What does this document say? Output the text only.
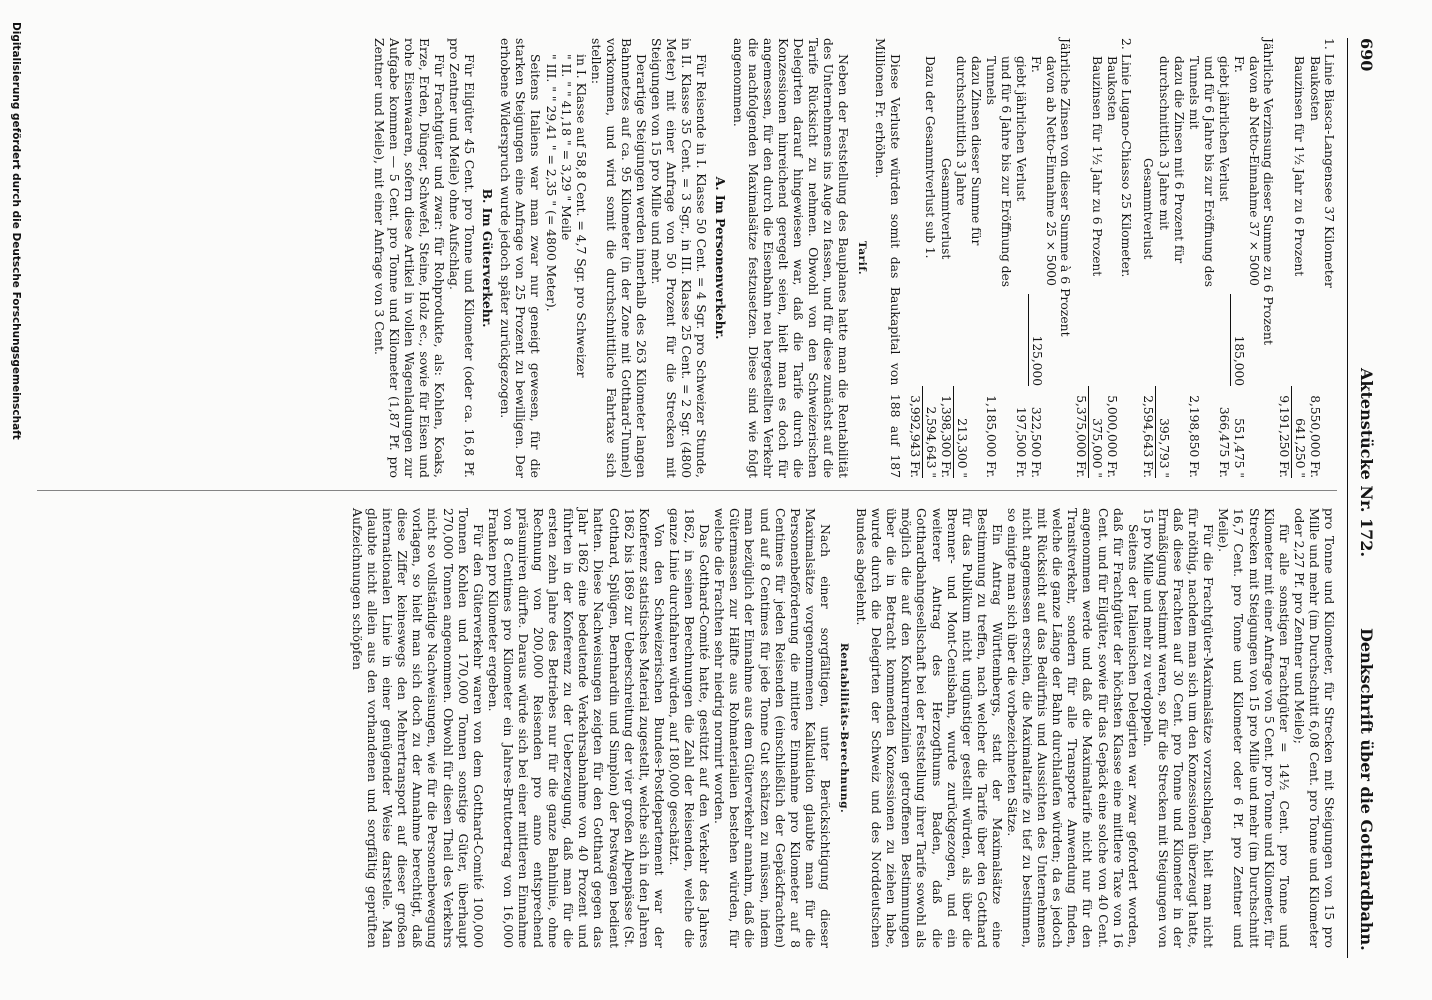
690
Aktenstücke Nr. 172.
Denkschrift über die Gotthardbahn.

1. Linie Biasca-Langensee 37 Kilometer

Baukosten		8,550,000 Fr.
Bauzinsen für 1½ Jahr zu 6 Prozent		641,250 "
		9,191,250 Fr.

Jährliche Verzinsung dieser Summe zu 6 Prozent

davon ab Netto-Einnahme 37 × 5000 Fr.	185,000	551,475 "
giebt jährlichen Verlust		366,475 Fr.
und für 6 Jahre bis zur Eröffnung des Tunnels mit		2,198,850 Fr.
dazu die Zinsen mit 6 Prozent für durchschnittlich 3 Jahre mit		395,793 "
Gesammtverlust		2,594,643 Fr.

2. Linie Lugano-Chiasso 25 Kilometer.

Baukosten		5,000,000 Fr.
Bauzinsen für 1½ Jahr zu 6 Prozent		375,000 "
		5,375,000 Fr.

Jährliche Zinsen von dieser Summe à 6 Prozent

davon ab Netto-Einnahme 25 × 5000 Fr.	125,000	322,500 Fr.
giebt jährlichen Verlust		197,500 Fr.
und für 6 Jahre bis zur Eröffnung des Tunnels		1,185,000 Fr.
dazu Zinsen dieser Summe für durchschnittlich 3 Jahre		213,300 "
Gesammtverlust		1,398,300 Fr.
Dazu der Gesammtverlust sub 1.		2,594,643 "
		3,992,943 Fr.

Diese Verluste würden somit das Baukapital von 188 auf 187 Millionen Fr. erhöhen.

Tarif.

Neben der Feststellung des Bauplanes hatte man die Rentabilität des Unternehmens ins Auge zu fassen, und für diese zunächst auf die Tarife Rücksicht zu nehmen. Obwohl von den Schweizerischen Delegirten darauf hingewiesen war, daß die Tarife durch die Konzessionen hinreichend geregelt seien, hielt man es doch für angemessen, für den durch die Eisenbahn neu hergestellten Verkehr die nachfolgenden Maximalsätze festzusetzen. Diese sind wie folgt angenommen.

A. Im Personenverkehr.

Für Reisende in I. Klasse 50 Cent. = 4 Sgr. pro Schweizer Stunde, in II. Klasse 35 Cent. = 3 Sgr., in III. Klasse 25 Cent. = 2 Sgr. (4800 Meter) mit einer Anfrage von 50 Prozent für die Strecken mit Steigungen von 15 pro Mille und mehr.

Derartige Steigungen werden innerhalb des 263 Kilometer langen Bahnnetzes auf ca. 95 Kilometer (in der Zone mit Gotthard-Tunnel) vorkommen, und wird somit die durchschnittliche Fahrtaxe sich stellen:

in I. Klasse auf 58,8 Cent. = 4,7 Sgr. pro Schweizer

" II. " " 41,18 " = 3,29 " Meile

" III. " " 29,41 " = 2,35 " (= 4800 Meter).

Seitens Italiens war man zwar nur geneigt gewesen, für die starken Steigungen eine Anfrage von 25 Prozent zu bewilligen. Der erhobene Widerspruch wurde jedoch später zurückgezogen.

B. Im Güterverkehr.

Für Eilgüter 45 Cent. pro Tonne und Kilometer (oder ca. 16,8 Pf. pro Zentner und Meile) ohne Aufschlag.

Für Frachtgüter und zwar: für Rohprodukte, als: Kohlen, Koaks, Erze, Erden, Dünger, Schwefel, Steine, Holz ec., sowie für Eisen und rohe Eisenwaaren, sofern diese Artikel in vollen Wagenladungen zur Aufgabe kommen — 5 Cent. pro Tonne und Kilometer (1,87 Pf. pro Zentner und Meile), mit einer Anfrage von 3 Cent.

pro Tonne und Kilometer, für Strecken mit Steigungen von 15 pro Mille und mehr (im Durchschnitt 6,08 Cent. pro Tonne und Kilometer oder 2,27 Pf. pro Zentner und Meile);

für alle sonstigen Frachtgüter = 14½ Cent. pro Tonne und Kilometer mit einer Anfrage von 5 Cent. pro Tonne und Kilometer, für Strecken mit Steigungen von 15 pro Mille und mehr (im Durchschnitt 16,7 Cent. pro Tonne und Kilometer oder 6 Pf. pro Zentner und Meile).

Für die Frachtgüter-Maximalsätze vorzuschlagen, hielt man nicht für nöthig, nachdem man sich um den Konzessionen überzeugt hatte, daß diese Frachten auf 30 Cent. pro Tonne und Kilometer in der Ermäßigung bestimmt waren, so für die Strecken mit Steigungen von 15 pro Mille und mehr zu verdoppeln.

Seitens der Italienischen Delegirten war zwar gefordert worden, daß für Frachtgüter der höchsten Klasse eine mittlere Taxe von 16 Cent. und für Eilgüter, sowie für das Gepäck eine solche von 40 Cent. angenommen werde und daß die Maximaltarife nicht nur für den Transitverkehr, sondern für alle Transporte Anwendung finden, welche die ganze Länge der Bahn durchlaufen würden; da es jedoch mit Rücksicht auf das Bedürfnis und Aussichten des Unternehmens nicht angemessen erschien, die Maximaltarife zu tief zu bestimmen, so einigte man sich über die vorbezeichneten Sätze.

Ein Antrag Württembergs, statt der Maximalsätze eine Bestimmung zu treffen, nach welcher die Tarife über den Gotthard für das Publikum nicht ungünstiger gestellt würden, als über die Brenner- und Mont-Cenisbahn, wurde zurückgezogen, und ein weiterer Antrag des Herzogthums Baden, daß die Gotthardbahngesellschaft bei der Feststellung ihrer Tarife sowohl als möglich die auf den Konkurrenzlinien getroffenen Bestimmungen über die in Betracht kommenden Konzessionen zu ziehen habe, wurde durch die Delegirten der Schweiz und des Norddeutschen Bundes abgelehnt.

Rentabilitäts-Berechnung.

Nach einer sorgfältigen, unter Berücksichtigung dieser Maximalsätze vorgenommenen Kalkulation glaubte man für die Personenbeförderung die mittlere Einnahme pro Kilometer auf 8 Centimes für jeden Reisenden (einschließlich der Gepäckfrachten) und auf 8 Centimes für jede Tonne Gut schätzen zu müssen, indem man bezüglich der Einnahme aus dem Güterverkehr annahm, daß die Gütermassen zur Hälfte aus Rohmaterialien bestehen würden, für welche die Frachten sehr niedrig normirt worden.

Das Gotthard-Comité hatte, gestützt auf den Verkehr des Jahres 1862, in seinen Berechnungen die Zahl der Reisenden, welche die ganze Linie durchfahren würden, auf 180,000 geschätzt.

Von den Schweizerischen Bundes-Postdepartement war der Konferenz statistisches Material zugestellt, welche sich in den Jahren 1862 bis 1869 zur Ueberschreitung der vier großen Alpenpässe (St. Gotthard, Splügen, Bernhardin und Simplon) der Postwagen bedient hatten. Diese Nachweisungen zeigten für den Gotthard gegen das Jahr 1862 eine bedeutende Verkehrsabnahme von 40 Prozent und führten in der Konferenz zu der Ueberzeugung, daß man für die ersten zehn Jahre des Betriebes nur für die ganze Bahnlinie, ohne Rechnung von 200,000 Reisenden pro anno entsprechend präsumiren dürfte. Daraus würde sich bei einer mittleren Einnahme von 8 Centimes pro Kilometer ein Jahres-Bruttoertrag von 16,000 Franken pro Kilometer ergeben.

Für den Güterverkehr waren von dem Gotthard-Comité 100,000 Tonnen Kohlen und 170,000 Tonnen sonstige Güter, überhaupt 270,000 Tonnen angenommen. Obwohl für diesen Theil des Verkehrs nicht so vollständige Nachweisungen, wie für die Personenbewegung vorlagen, so hielt man sich doch zu der Annahme berechtigt, daß diese Ziffer keineswegs den Mehrertransport auf dieser großen internationalen Linie in einer genügender Weise darstelle. Man glaubte nicht allein aus den vorhandenen und sorgfältig geprüften Aufzeichnungen schöpfen

Digitalisierung gefördert durch die Deutsche Forschungsgemeinschaft
